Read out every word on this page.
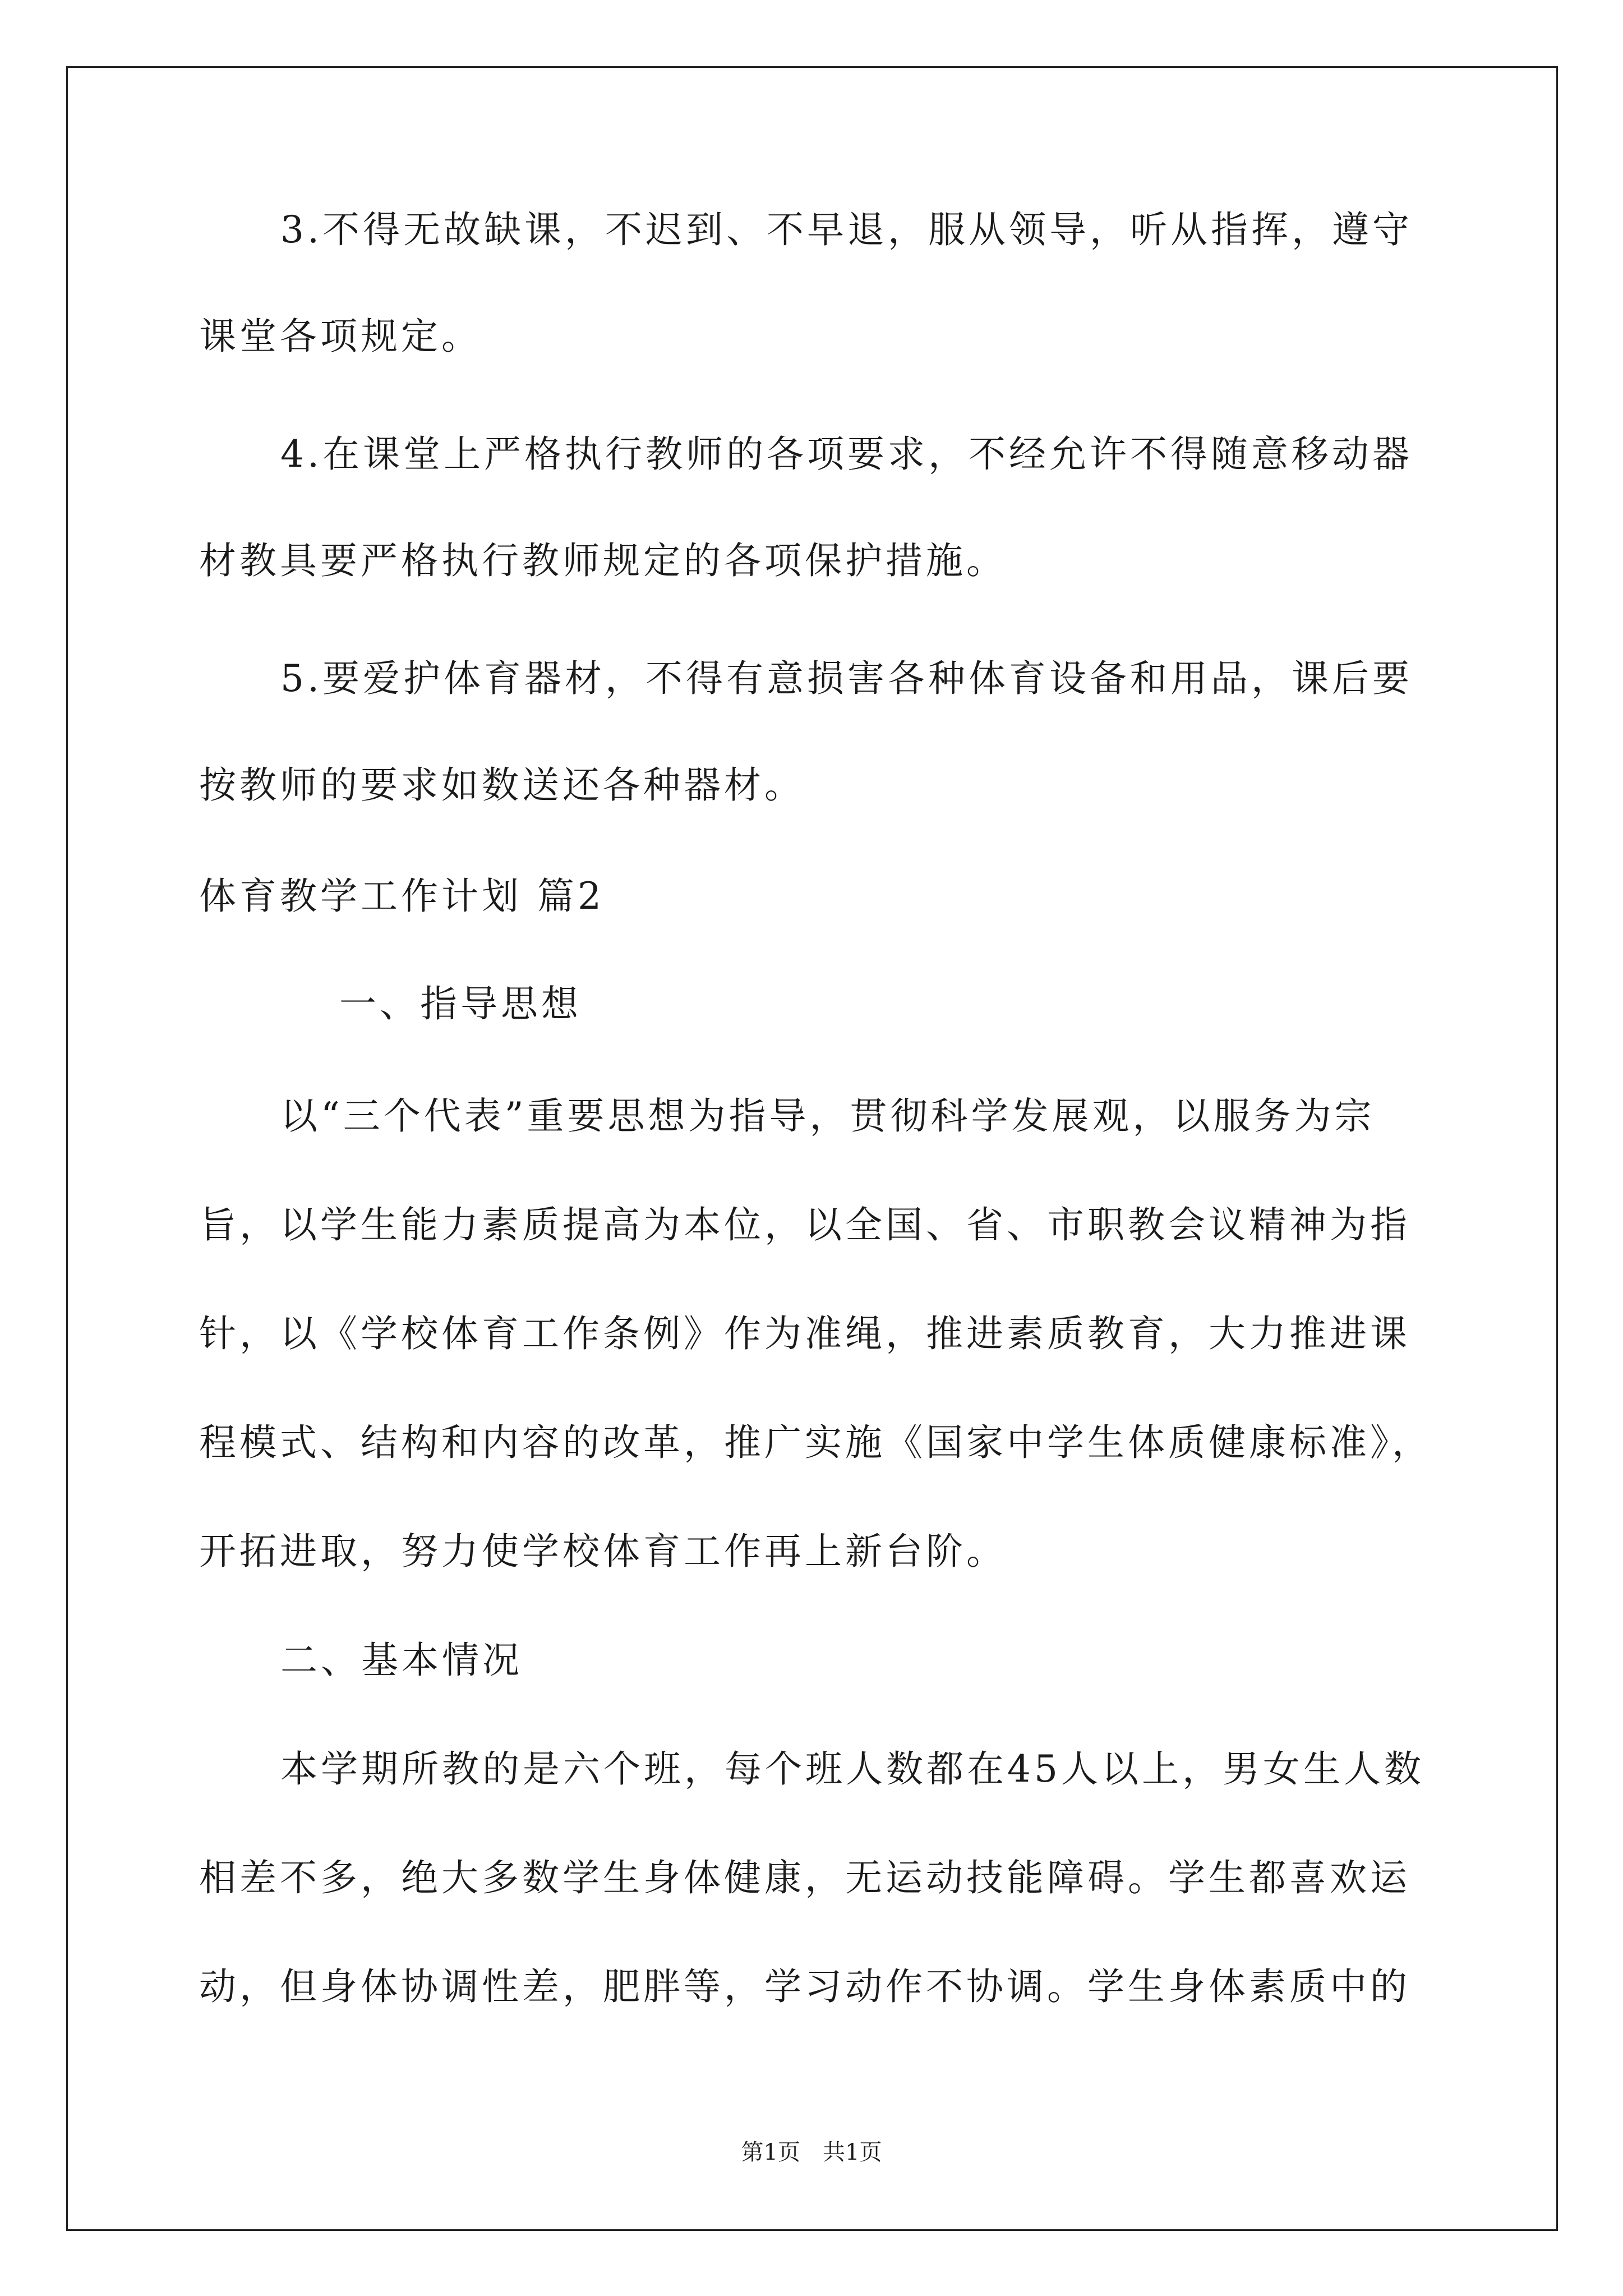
3.不得无故缺课，不迟到、不早退，服从领导，听从指挥，遵守
课堂各项规定。
4.在课堂上严格执行教师的各项要求，不经允许不得随意移动器
材教具要严格执行教师规定的各项保护措施。
5.要爱护体育器材，不得有意损害各种体育设备和用品，课后要
按教师的要求如数送还各种器材。
体育教学工作计划 篇2
一、指导思想
以“三个代表”重要思想为指导，贯彻科学发展观，以服务为宗
旨，以学生能力素质提高为本位，以全国、省、市职教会议精神为指
针，以《学校体育工作条例》作为准绳，推进素质教育，大力推进课
程模式、结构和内容的改革，推广实施《国家中学生体质健康标准》，
开拓进取，努力使学校体育工作再上新台阶。
二、基本情况
本学期所教的是六个班，每个班人数都在45人以上，男女生人数
相差不多，绝大多数学生身体健康，无运动技能障碍。学生都喜欢运
动，但身体协调性差，肥胖等，学习动作不协调。学生身体素质中的
第1页　共1页
